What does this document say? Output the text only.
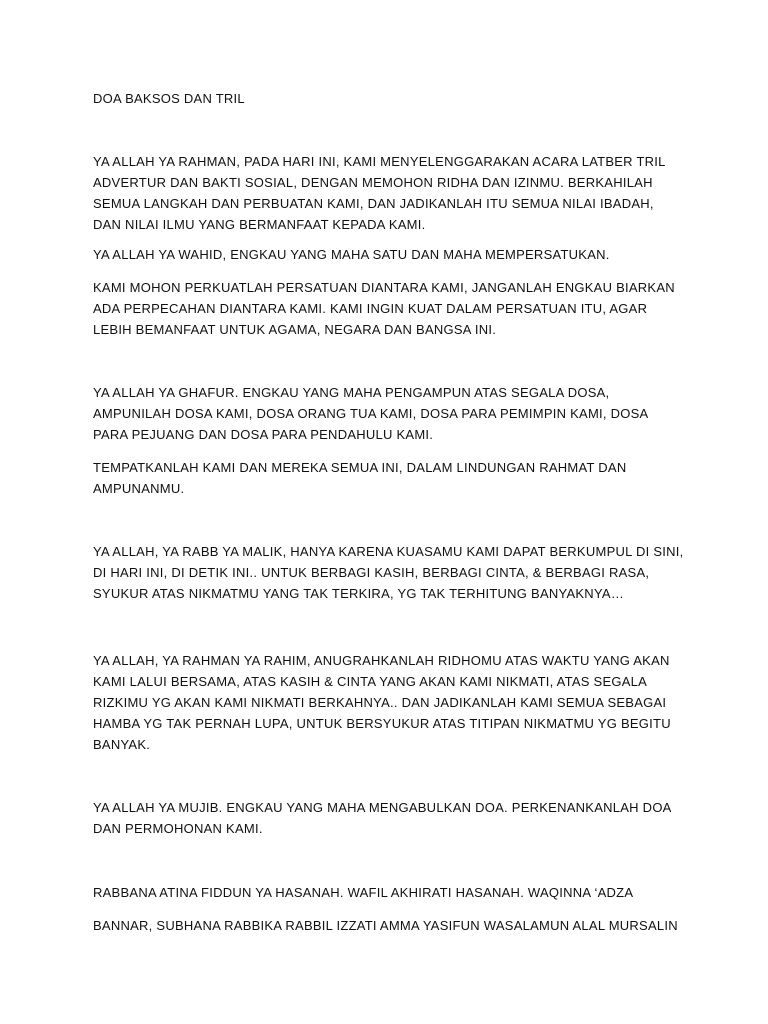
DOA BAKSOS DAN TRIL
YA ALLAH YA RAHMAN, PADA HARI INI, KAMI MENYELENGGARAKAN ACARA LATBER TRIL
ADVERTUR DAN BAKTI SOSIAL, DENGAN MEMOHON RIDHA DAN IZINMU. BERKAHILAH
SEMUA LANGKAH DAN PERBUATAN KAMI, DAN JADIKANLAH ITU SEMUA NILAI IBADAH,
DAN NILAI ILMU YANG BERMANFAAT KEPADA KAMI.
YA ALLAH YA WAHID, ENGKAU YANG MAHA SATU DAN MAHA MEMPERSATUKAN.
KAMI MOHON PERKUATLAH PERSATUAN DIANTARA KAMI, JANGANLAH ENGKAU BIARKAN
ADA PERPECAHAN DIANTARA KAMI. KAMI INGIN KUAT DALAM PERSATUAN ITU, AGAR
LEBIH BEMANFAAT UNTUK AGAMA, NEGARA DAN BANGSA INI.
YA ALLAH YA GHAFUR. ENGKAU YANG MAHA PENGAMPUN ATAS SEGALA DOSA,
AMPUNILAH DOSA KAMI, DOSA ORANG TUA KAMI, DOSA PARA PEMIMPIN KAMI, DOSA
PARA PEJUANG DAN DOSA PARA PENDAHULU KAMI.
TEMPATKANLAH KAMI DAN MEREKA SEMUA INI, DALAM LINDUNGAN RAHMAT DAN
AMPUNANMU.
YA ALLAH, YA RABB YA MALIK, HANYA KARENA KUASAMU KAMI DAPAT BERKUMPUL DI SINI,
DI HARI INI, DI DETIK INI.. UNTUK BERBAGI KASIH, BERBAGI CINTA, & BERBAGI RASA,
SYUKUR ATAS NIKMATMU YANG TAK TERKIRA, YG TAK TERHITUNG BANYAKNYA…
YA ALLAH, YA RAHMAN YA RAHIM, ANUGRAHKANLAH RIDHOMU ATAS WAKTU YANG AKAN
KAMI LALUI BERSAMA, ATAS KASIH & CINTA YANG AKAN KAMI NIKMATI, ATAS SEGALA
RIZKIMU YG AKAN KAMI NIKMATI BERKAHNYA.. DAN JADIKANLAH KAMI SEMUA SEBAGAI
HAMBA YG TAK PERNAH LUPA, UNTUK BERSYUKUR ATAS TITIPAN NIKMATMU YG BEGITU
BANYAK.
YA ALLAH YA MUJIB. ENGKAU YANG MAHA MENGABULKAN DOA. PERKENANKANLAH DOA
DAN PERMOHONAN KAMI.
RABBANA ATINA FIDDUN YA HASANAH. WAFIL AKHIRATI HASANAH. WAQINNA ‘ADZA
BANNAR, SUBHANA RABBIKA RABBIL IZZATI AMMA YASIFUN WASALAMUN ALAL MURSALIN
